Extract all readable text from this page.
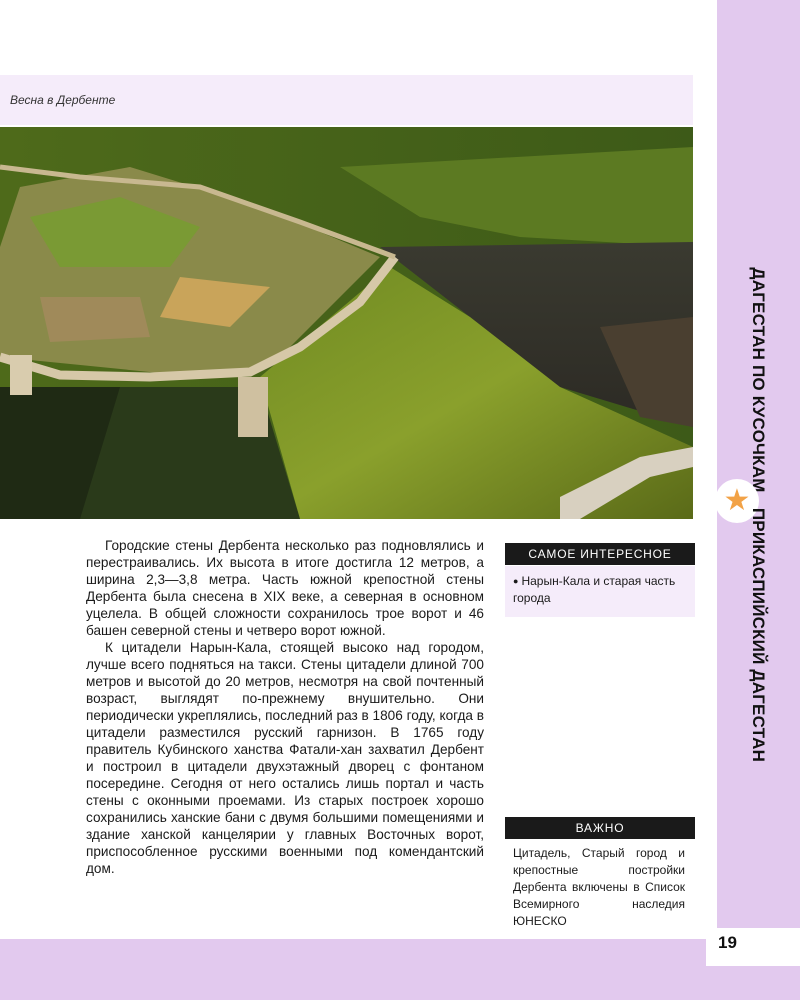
ДАГЕСТАН ПО КУСОЧКАМ
★
ПРИКАСПИЙСКИЙ ДАГЕСТАН
Весна в Дербенте

Городские стены Дербента несколько раз подновлялись и перестраивались. Их высота в итоге достигла 12 метров, а ширина 2,3—3,8 метра. Часть южной крепостной стены Дербента была снесена в XIX веке, а северная в основном уцелела. В общей сложности сохранилось трое ворот и 46 башен северной стены и четверо ворот южной.

К цитадели Нарын-Кала, стоящей высоко над городом, лучше всего подняться на такси. Стены цитадели длиной 700 метров и высотой до 20 метров, несмотря на свой почтенный возраст, выглядят по-прежнему внушительно. Они периодически укреплялись, последний раз в 1806 году, когда в цитадели разместился русский гарнизон. В 1765 году правитель Кубинского ханства Фатали-хан захватил Дербент и построил в цитадели двухэтажный дворец с фонтаном посередине. Сегодня от него остались лишь портал и часть стены с оконными проемами. Из старых построек хорошо сохранились ханские бани с двумя большими помещениями и здание ханской канцелярии у главных Восточных ворот, приспособленное русскими военными под комендантский дом.

САМОЕ ИНТЕРЕСНОЕ
● Нарын-Кала и старая часть города
ВАЖНО
Цитадель, Старый город и крепостные постройки Дербента включены в Список Всемирного наследия ЮНЕСКО
19
